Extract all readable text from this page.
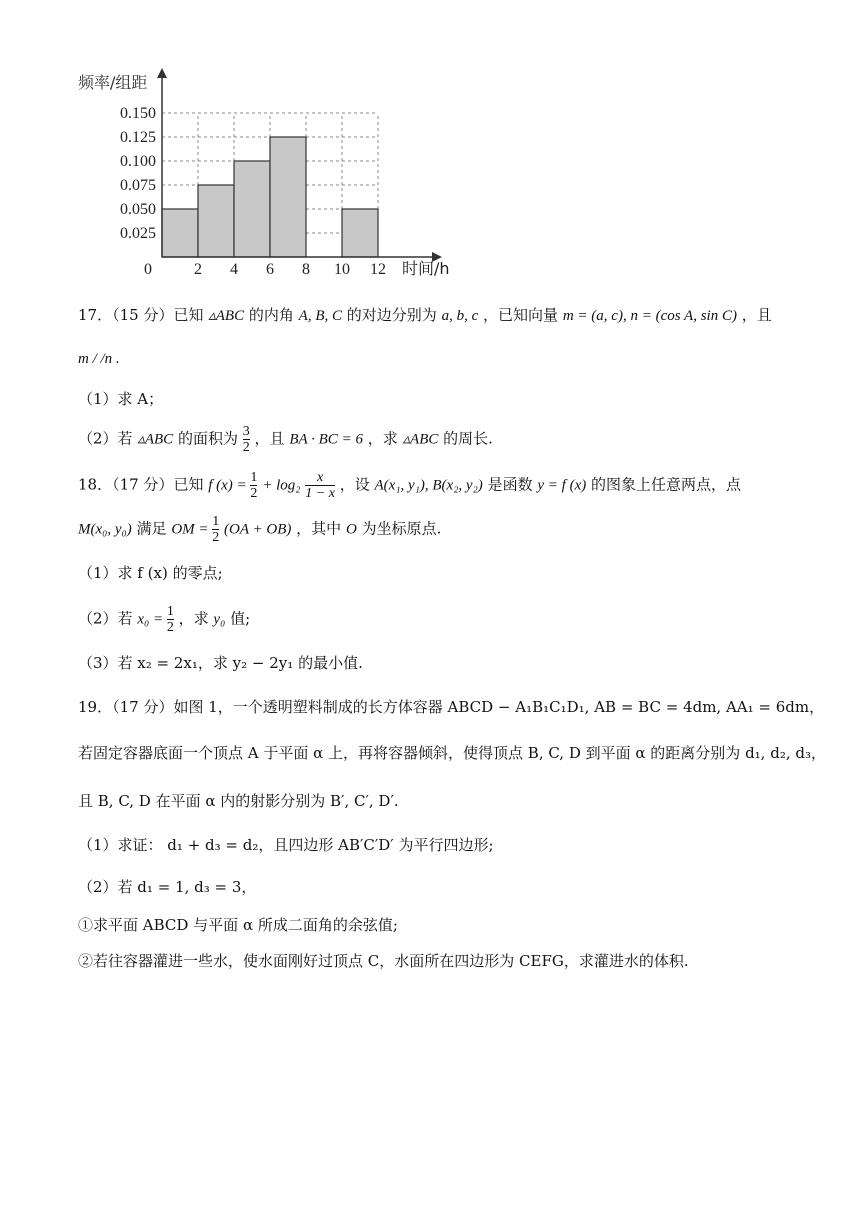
0.025
0.050
0.075
0.100
0.125
0.150
2 4 6 8 10 12
频率/组距
时间/h
0
17．（15 分）已知 ▵ABC 的内角 A, B, C 的对边分别为 a, b, c ，已知向量 m = (a, c), n = (cos A, sin C) ，且
m / /n .
（1）求 A；
（2）若 ▵ABC 的面积为 $\frac{3}{2}$ ，且 BA · BC = 6 ，求 ▵ABC 的周长.
18．（17 分）已知 f $(x) = \frac{1}{2} + \log_2 \frac{x}{1 - x}$ ，设 A(x₁, y₁), B(x₂, y₂) 是函数 y = f (x) 的图象上任意两点，点
M(x₀, y₀) 满足 OM = $\frac{1}{2} (OA + OB)$ ，其中 O 为坐标原点.
（1）求 f (x) 的零点;
（2）若 $x_0 = \frac{1}{2}$ ，求 y₀ 值;
（3）若 x₂ = 2x₁，求 y₂ − 2y₁ 的最小值.
19．（17 分）如图 1，一个透明塑料制成的长方体容器 ABCD − A₁B₁C₁D₁, AB = BC = 4dm, AA₁ = 6dm，
若固定容器底面一个顶点 A 于平面 α 上，再将容器倾斜，使得顶点 B, C, D 到平面 α 的距离分别为 d₁, d₂, d₃，
且 B, C, D 在平面 α 内的射影分别为 B′, C′, D′.
（1）求证： d₁ + d₃ = d₂，且四边形 AB′C′D′ 为平行四边形;
（2）若 d₁ = 1, d₃ = 3，
①求平面 ABCD 与平面 α 所成二面角的余弦值;
②若往容器灌进一些水，使水面刚好过顶点 C，水面所在四边形为 CEFG，求灌进水的体积.
